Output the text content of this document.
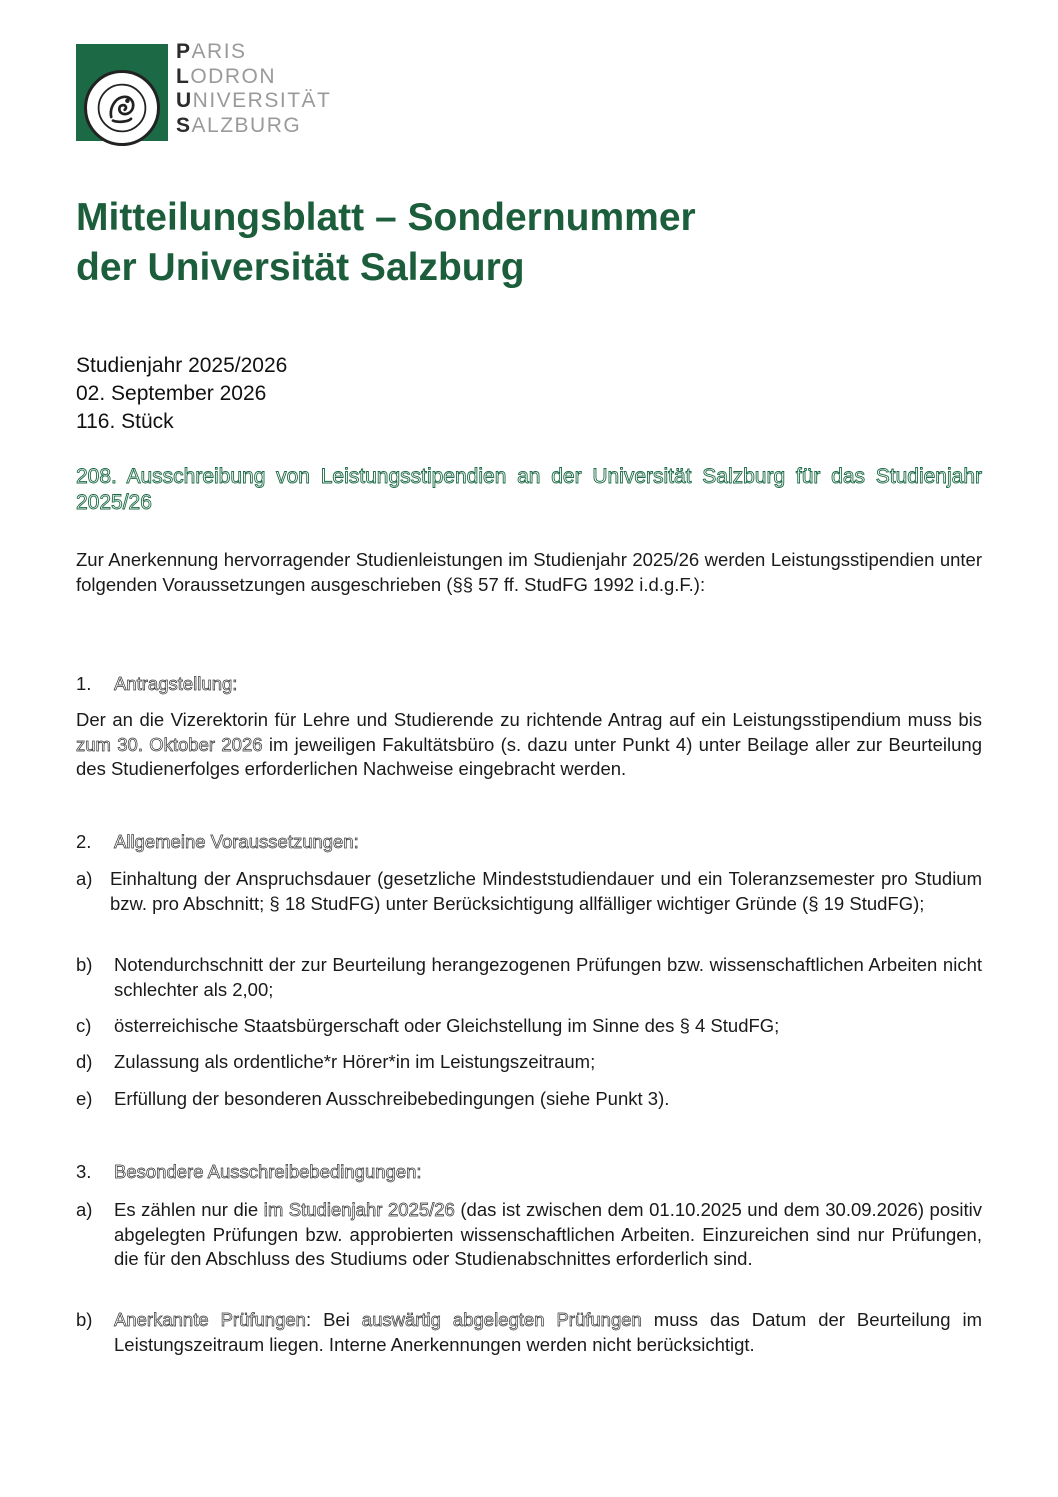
PARIS
LODRON
UNIVERSITÄT
SALZBURG
Mitteilungsblatt – Sondernummer
der Universität Salzburg
Studienjahr 2025/2026
02. September 2026
116. Stück
208. Ausschreibung von Leistungsstipendien an der Universität Salzburg für das Studienjahr 2025/26

Zur Anerkennung hervorragender Studienleistungen im Studienjahr 2025/26 werden Leistungsstipendien unter folgenden Voraussetzungen ausgeschrieben (§§ 57 ff. StudFG 1992 i.d.g.F.):

1. Antragstellung:

Der an die Vizerektorin für Lehre und Studierende zu richtende Antrag auf ein Leistungsstipendium muss bis zum 30. Oktober 2026 im jeweiligen Fakultätsbüro (s. dazu unter Punkt 4) unter Beilage aller zur Beurteilung des Studienerfolges erforderlichen Nachweise eingebracht werden.

2. Allgemeine Voraussetzungen:
a) Einhaltung der Anspruchsdauer (gesetzliche Mindeststudiendauer und ein Toleranzsemester pro Studium bzw. pro Abschnitt; § 18 StudFG) unter Berücksichtigung allfälliger wichtiger Gründe (§ 19 StudFG);
b) Notendurchschnitt der zur Beurteilung herangezogenen Prüfungen bzw. wissenschaftlichen Arbeiten nicht schlechter als 2,00;
c) österreichische Staatsbürgerschaft oder Gleichstellung im Sinne des § 4 StudFG;
d) Zulassung als ordentliche*r Hörer*in im Leistungszeitraum;
e) Erfüllung der besonderen Ausschreibebedingungen (siehe Punkt 3).
3. Besondere Ausschreibebedingungen:
a) Es zählen nur die im Studienjahr 2025/26 (das ist zwischen dem 01.10.2025 und dem 30.09.2026) positiv abgelegten Prüfungen bzw. approbierten wissenschaftlichen Arbeiten. Einzureichen sind nur Prüfungen, die für den Abschluss des Studiums oder Studienabschnittes erforderlich sind.
b) Anerkannte Prüfungen: Bei auswärtig abgelegten Prüfungen muss das Datum der Beurteilung im Leistungszeitraum liegen. Interne Anerkennungen werden nicht berücksichtigt.
